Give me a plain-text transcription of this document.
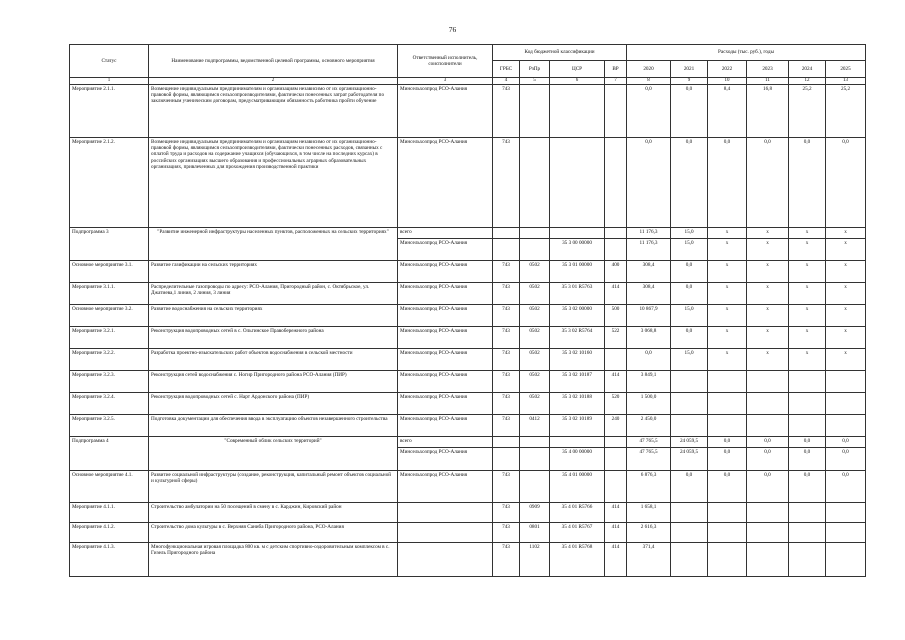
76
Статус	Наименование подпрограммы, ведомственной целевой программы, основного мероприятия	Ответственный исполнитель, соисполнители	Код бюджетной классификации				Расходы (тыс. руб.), годы					
			ГРБС	РзПр	ЦСР	ВР	2020	2021	2022	2023	2024	2025
1	2	3	4	5	6	7	8	9	10	11	12	13
Мероприятие 2.1.1.	Возмещение индивидуальным предпринимателям и организациям независимо от их организационно-правовой формы, являющимся сельхозпроизводителями, фактически понесенных затрат работодателя по заключенным ученическим договорам, предусматривающим обязанность работника пройти обучение	Минсельхозпрод РСО-Алания	743				0,0	0,0	8,4	16,8	25,2	25,2
Мероприятие 2.1.2.	Возмещение индивидуальным предпринимателям и организациям независимо от их организационно-правовой формы, являющимся сельхозпроизводителями, фактически понесенных расходов, связанных с оплатой труда и расходов на содержание учащихся (обучающихся, в том числе на последних курсах) в российских организациях высшего образования и профессиональных аграрных образовательных организациях, привлеченных для прохождения производственной практики	Минсельхозпрод РСО-Алания	743				0,0	0,0	0,0	0,0	0,0	0,0
Подпрограмма 3	"Развитие инженерной инфраструктуры населенных пунктов, расположенных на сельских территориях"	всего					11 176,3	15,0	х	х	х	х
		Минсельхозпрод РСО-Алания			35 3 00 00000		11 176,3	15,0	х	х	х	х
Основное мероприятие 3.1.	Развитие газификации на сельских территориях	Минсельхозпрод РСО-Алания	743	0502	35 3 01 00000	400	308,4	0,0	х	х	х	х
Мероприятие 3.1.1.	Распределительные газопроводы по адресу: РСО-Алания, Пригородный район, с. Октябрьское, ул. Джатиева,1 линия, 2 линия, 3 линия	Минсельхозпрод РСО-Алания	743	0502	35 3 01 R5763	414	308,4	0,0	х	х	х	х
Основное мероприятие 3.2.	Развитие водоснабжения на сельских территориях	Минсельхозпрод РСО-Алания	743	0502	35 3 02 00000	500	10 867,9	15,0	х	х	х	х
Мероприятие 3.2.1.	Реконструкция водопроводных сетей в с. Ольгинское Правобережного района	Минсельхозпрод РСО-Алания	743	0502	35 3 02 R5764	522	3 068,8	0,0	х	х	х	х
Мероприятие 3.2.2.	Разработка проектно-изыскательских работ объектов водоснабжения в сельской местности	Минсельхозпрод РСО-Алания	743	0502	35 3 02 10160		0,0	15,0	х	х	х	х
Мероприятие 3.2.3.	Реконструкция сетей водоснабжения с. Ногир Пригородного района РСО-Алания (ПИР)	Минсельхозпрод РСО-Алания	743	0502	35 3 02 10187	414	3 849,1					
Мероприятие 3.2.4.	Реконструкция водопроводных сетей с. Нарт Ардонского района (ПИР)	Минсельхозпрод РСО-Алания	743	0502	35 3 02 10188	520	1 500,0					
Мероприятие 3.2.5.	Подготовка документации для обеспечения ввода в эксплуатацию объектов незавершенного строительства	Минсельхозпрод РСО-Алания	743	0412	35 3 02 10189	240	2 450,0					
Подпрограмма 4	"Современный облик сельских территорий"	всего					47 765,5	24 059,5	0,0	0,0	0,0	0,0
		Минсельхозпрод РСО-Алания			35 4 00 00000		47 765,5	24 059,5	0,0	0,0	0,0	0,0
Основное мероприятие 4.1.	Развитие социальной инфраструктуры (создание, реконструкция, капитальный ремонт объектов социальной и культурной сферы)	Минсельхозпрод РСО-Алания	743		35 4 01 00000		6 876,3	0,0	0,0	0,0	0,0	0,0
Мероприятие 4.1.1.	Строительство амбулатории на 50 посещений в смену в с. Карджин, Кировский район		743	0909	35 4 01 R5766	414	1 658,1					
Мероприятие 4.1.2.	Строительство дома культуры в с. Верхняя Саниба Пригородного района, РСО-Алания		743	0801	35 4 01 R5767	414	2 616,3					
Мероприятие 4.1.3.	Многофункциональная игровая площадка 800 кв. м с детским спортивно-оздоровительным комплексом в с. Гизель Пригородного района		743	1102	35 4 01 R5768	414	371,4					
